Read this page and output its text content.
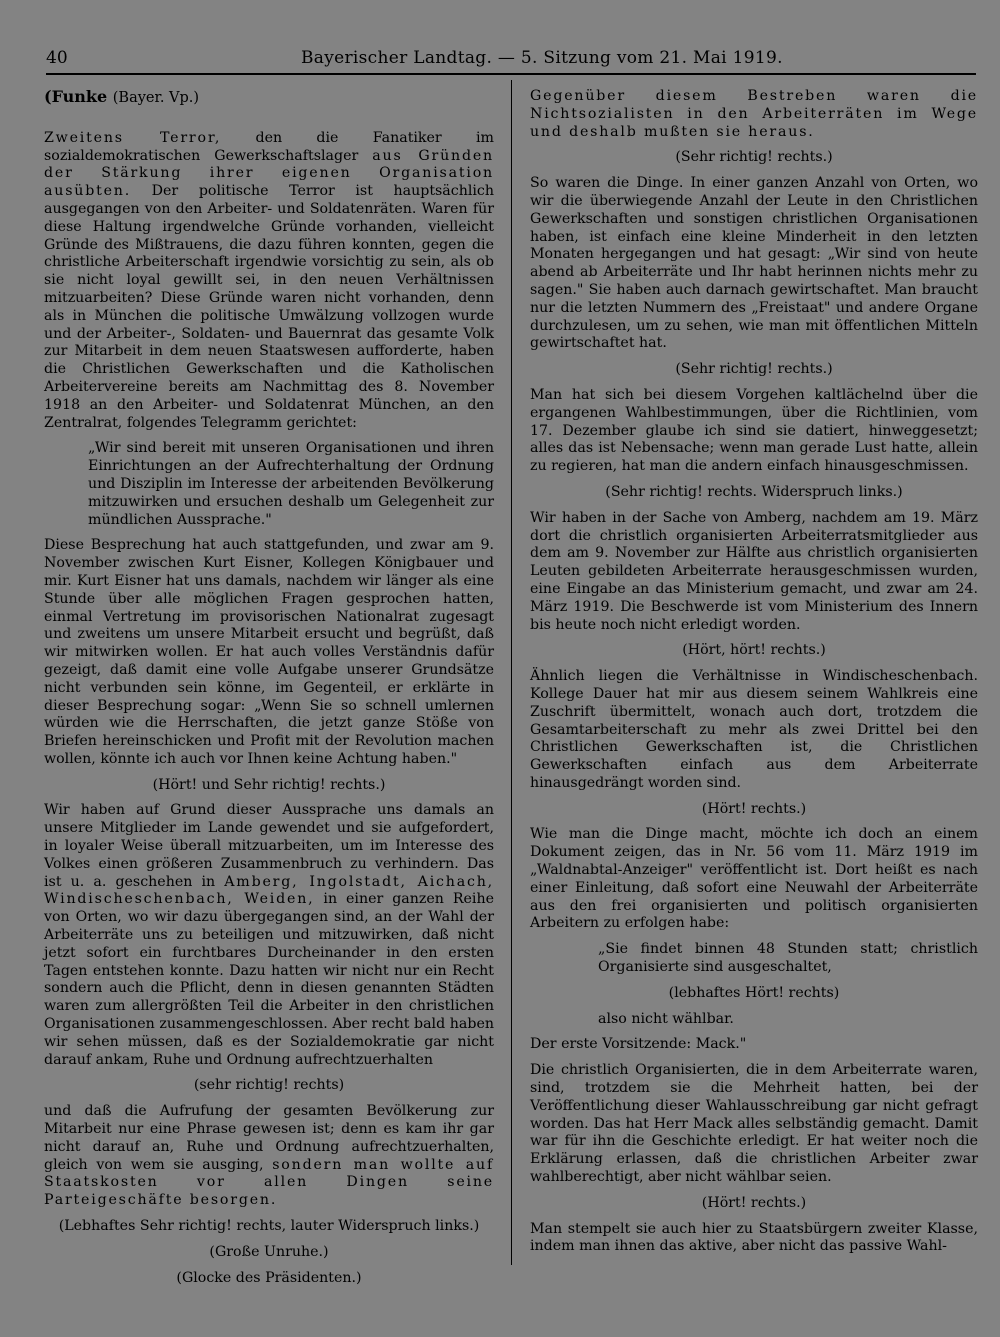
40	Bayerischer Landtag. — 5. Sitzung vom 21. Mai 1919.
(Funke (Bayer. Vp.)

Zweitens Terror, den die Fanatiker im sozialdemokratischen Gewerkschaftslager aus Gründen der Stärkung ihrer eigenen Organisation ausübten. Der politische Terror ist hauptsächlich ausgegangen von den Arbeiter- und Soldatenräten. Waren für diese Haltung irgendwelche Gründe vorhanden, vielleicht Gründe des Mißtrauens, die dazu führen konnten, gegen die christliche Arbeiterschaft irgendwie vorsichtig zu sein, als ob sie nicht loyal gewillt sei, in den neuen Verhältnissen mitzuarbeiten? Diese Gründe waren nicht vorhanden, denn als in München die politische Umwälzung vollzogen wurde und der Arbeiter-, Soldaten- und Bauernrat das gesamte Volk zur Mitarbeit in dem neuen Staatswesen aufforderte, haben die Christlichen Gewerkschaften und die Katholischen Arbeitervereine bereits am Nachmittag des 8. November 1918 an den Arbeiter- und Soldatenrat München, an den Zentralrat, folgendes Telegramm gerichtet:

„Wir sind bereit mit unseren Organisationen und ihren Einrichtungen an der Aufrechterhaltung der Ordnung und Disziplin im Interesse der arbeitenden Bevölkerung mitzuwirken und ersuchen deshalb um Gelegenheit zur mündlichen Aussprache."

Diese Besprechung hat auch stattgefunden, und zwar am 9. November zwischen Kurt Eisner, Kollegen Königbauer und mir. Kurt Eisner hat uns damals, nachdem wir länger als eine Stunde über alle möglichen Fragen gesprochen hatten, einmal Vertretung im provisorischen Nationalrat zugesagt und zweitens um unsere Mitarbeit ersucht und begrüßt, daß wir mitwirken wollen. Er hat auch volles Verständnis dafür gezeigt, daß damit eine volle Aufgabe unserer Grundsätze nicht verbunden sein könne, im Gegenteil, er erklärte in dieser Besprechung sogar: „Wenn Sie so schnell umlernen würden wie die Herrschaften, die jetzt ganze Stöße von Briefen hereinschicken und Profit mit der Revolution machen wollen, könnte ich auch vor Ihnen keine Achtung haben."

(Hört! und Sehr richtig! rechts.)

Wir haben auf Grund dieser Aussprache uns damals an unsere Mitglieder im Lande gewendet und sie aufgefordert, in loyaler Weise überall mitzuarbeiten, um im Interesse des Volkes einen größeren Zusammenbruch zu verhindern. Das ist u. a. geschehen in Amberg, Ingolstadt, Aichach, Windischeschenbach, Weiden, in einer ganzen Reihe von Orten, wo wir dazu übergegangen sind, an der Wahl der Arbeiterräte uns zu beteiligen und mitzuwirken, daß nicht jetzt sofort ein furchtbares Durcheinander in den ersten Tagen entstehen konnte. Dazu hatten wir nicht nur ein Recht sondern auch die Pflicht, denn in diesen genannten Städten waren zum allergrößten Teil die Arbeiter in den christlichen Organisationen zusammengeschlossen. Aber recht bald haben wir sehen müssen, daß es der Sozialdemokratie gar nicht darauf ankam, Ruhe und Ordnung aufrechtzuerhalten

(sehr richtig! rechts)

und daß die Aufrufung der gesamten Bevölkerung zur Mitarbeit nur eine Phrase gewesen ist; denn es kam ihr gar nicht darauf an, Ruhe und Ordnung aufrechtzuerhalten, gleich von wem sie ausging, sondern man wollte auf Staatskosten vor allen Dingen seine Parteigeschäfte besorgen.

(Lebhaftes Sehr richtig! rechts, lauter Widerspruch links.)

(Große Unruhe.)

(Glocke des Präsidenten.)

Gegenüber diesem Bestreben waren die Nichtsozialisten in den Arbeiterräten im Wege und deshalb mußten sie heraus.

(Sehr richtig! rechts.)

So waren die Dinge. In einer ganzen Anzahl von Orten, wo wir die überwiegende Anzahl der Leute in den Christlichen Gewerkschaften und sonstigen christlichen Organisationen haben, ist einfach eine kleine Minderheit in den letzten Monaten hergegangen und hat gesagt: „Wir sind von heute abend ab Arbeiterräte und Ihr habt herinnen nichts mehr zu sagen." Sie haben auch darnach gewirtschaftet. Man braucht nur die letzten Nummern des „Freistaat" und andere Organe durchzulesen, um zu sehen, wie man mit öffentlichen Mitteln gewirtschaftet hat.

(Sehr richtig! rechts.)

Man hat sich bei diesem Vorgehen kaltlächelnd über die ergangenen Wahlbestimmungen, über die Richtlinien, vom 17. Dezember glaube ich sind sie datiert, hinweggesetzt; alles das ist Nebensache; wenn man gerade Lust hatte, allein zu regieren, hat man die andern einfach hinausgeschmissen.

(Sehr richtig! rechts. Widerspruch links.)

Wir haben in der Sache von Amberg, nachdem am 19. März dort die christlich organisierten Arbeiterratsmitglieder aus dem am 9. November zur Hälfte aus christlich organisierten Leuten gebildeten Arbeiterrate herausgeschmissen wurden, eine Eingabe an das Ministerium gemacht, und zwar am 24. März 1919. Die Beschwerde ist vom Ministerium des Innern bis heute noch nicht erledigt worden.

(Hört, hört! rechts.)

Ähnlich liegen die Verhältnisse in Windischeschenbach. Kollege Dauer hat mir aus diesem seinem Wahlkreis eine Zuschrift übermittelt, wonach auch dort, trotzdem die Gesamtarbeiterschaft zu mehr als zwei Drittel bei den Christlichen Gewerkschaften ist, die Christlichen Gewerkschaften einfach aus dem Arbeiterrate hinausgedrängt worden sind.

(Hört! rechts.)

Wie man die Dinge macht, möchte ich doch an einem Dokument zeigen, das in Nr. 56 vom 11. März 1919 im „Waldnabtal-Anzeiger" veröffentlicht ist. Dort heißt es nach einer Einleitung, daß sofort eine Neuwahl der Arbeiterräte aus den frei organisierten und politisch organisierten Arbeitern zu erfolgen habe:

„Sie findet binnen 48 Stunden statt; christlich Organisierte sind ausgeschaltet,

(lebhaftes Hört! rechts)

also nicht wählbar.

Der erste Vorsitzende: Mack."

Die christlich Organisierten, die in dem Arbeiterrate waren, sind, trotzdem sie die Mehrheit hatten, bei der Veröffentlichung dieser Wahlausschreibung gar nicht gefragt worden. Das hat Herr Mack alles selbständig gemacht. Damit war für ihn die Geschichte erledigt. Er hat weiter noch die Erklärung erlassen, daß die christlichen Arbeiter zwar wahlberechtigt, aber nicht wählbar seien.

(Hört! rechts.)

Man stempelt sie auch hier zu Staatsbürgern zweiter Klasse, indem man ihnen das aktive, aber nicht das passive Wahl-
